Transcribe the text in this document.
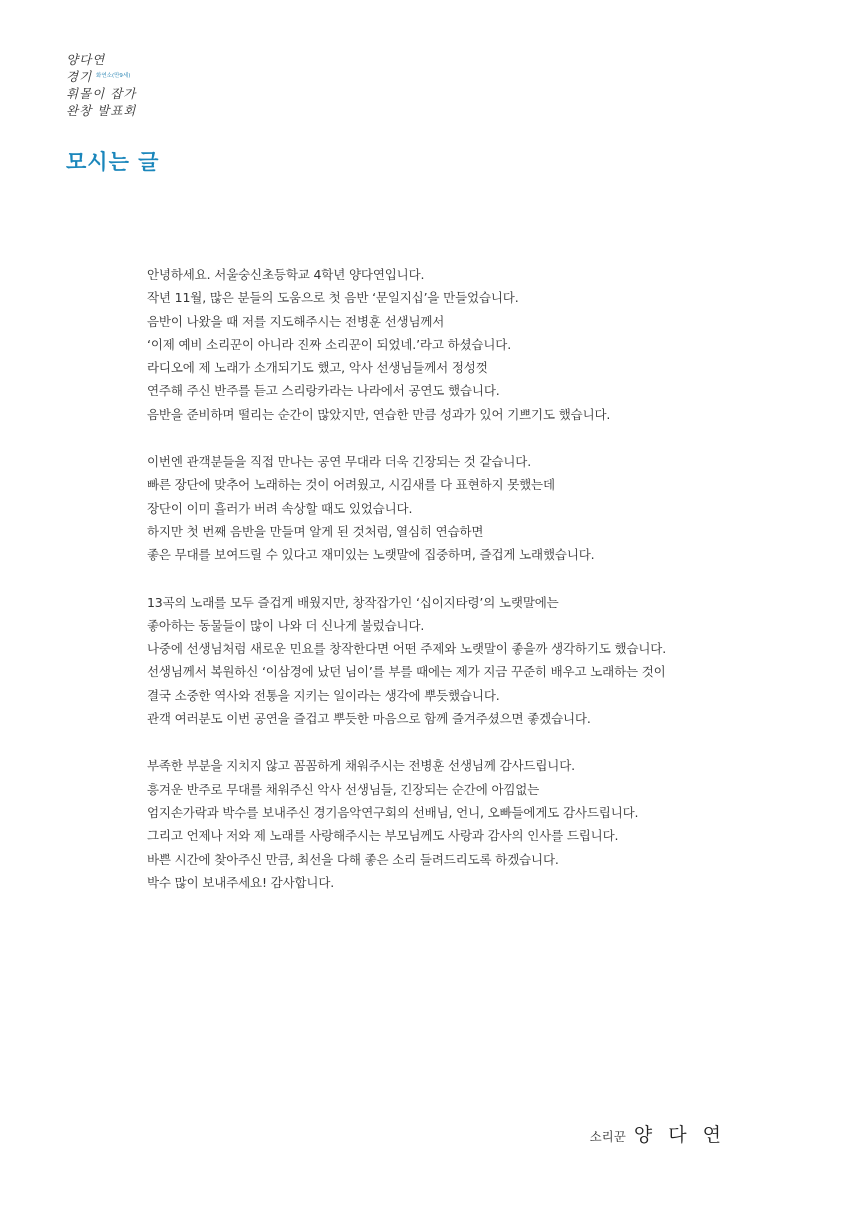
양다연
경기 화연소(만9세)
휘몰이 잡가
완창 발표회
모시는 글

안녕하세요. 서울숭신초등학교 4학년 양다연입니다.

작년 11월, 많은 분들의 도움으로 첫 음반 ‘문일지십’을 만들었습니다.

음반이 나왔을 때 저를 지도해주시는 전병훈 선생님께서

‘이제 예비 소리꾼이 아니라 진짜 소리꾼이 되었네.’라고 하셨습니다.

라디오에 제 노래가 소개되기도 했고, 악사 선생님들께서 정성껏

연주해 주신 반주를 듣고 스리랑카라는 나라에서 공연도 했습니다.

음반을 준비하며 떨리는 순간이 많았지만, 연습한 만큼 성과가 있어 기쁘기도 했습니다.

이번엔 관객분들을 직접 만나는 공연 무대라 더욱 긴장되는 것 같습니다.

빠른 장단에 맞추어 노래하는 것이 어려웠고, 시김새를 다 표현하지 못했는데

장단이 이미 흘러가 버려 속상할 때도 있었습니다.

하지만 첫 번째 음반을 만들며 알게 된 것처럼, 열심히 연습하면

좋은 무대를 보여드릴 수 있다고 재미있는 노랫말에 집중하며, 즐겁게 노래했습니다.

13곡의 노래를 모두 즐겁게 배웠지만, 창작잡가인 ‘십이지타령’의 노랫말에는

좋아하는 동물들이 많이 나와 더 신나게 불렀습니다.

나중에 선생님처럼 새로운 민요를 창작한다면 어떤 주제와 노랫말이 좋을까 생각하기도 했습니다.

선생님께서 복원하신 ‘이삼경에 났던 님이’를 부를 때에는 제가 지금 꾸준히 배우고 노래하는 것이

결국 소중한 역사와 전통을 지키는 일이라는 생각에 뿌듯했습니다.

관객 여러분도 이번 공연을 즐겁고 뿌듯한 마음으로 함께 즐겨주셨으면 좋겠습니다.

부족한 부분을 지치지 않고 꼼꼼하게 채워주시는 전병훈 선생님께 감사드립니다.

흥겨운 반주로 무대를 채워주신 악사 선생님들, 긴장되는 순간에 아낌없는

엄지손가락과 박수를 보내주신 경기음악연구회의 선배님, 언니, 오빠들에게도 감사드립니다.

그리고 언제나 저와 제 노래를 사랑해주시는 부모님께도 사랑과 감사의 인사를 드립니다.

바쁜 시간에 찾아주신 만큼, 최선을 다해 좋은 소리 들려드리도록 하겠습니다.

박수 많이 보내주세요! 감사합니다.

소리꾼 양 다 연
